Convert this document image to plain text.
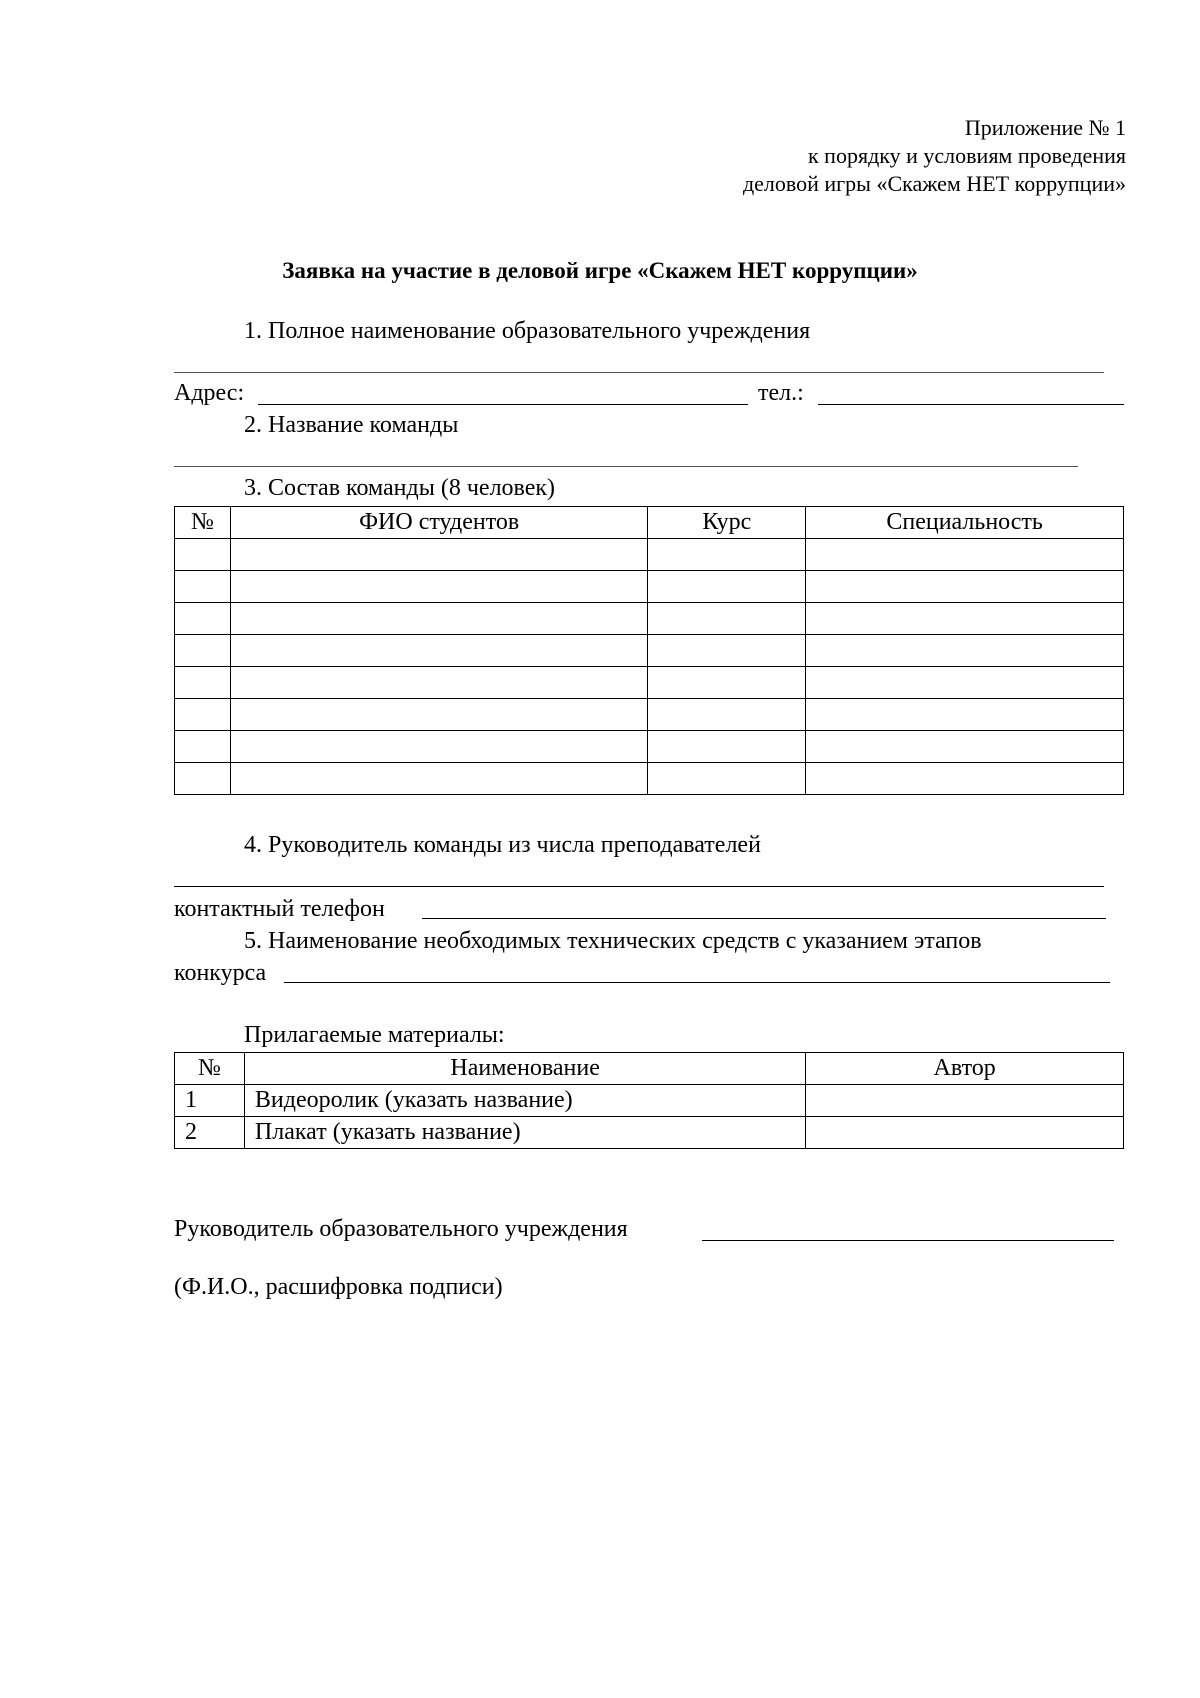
Приложение № 1
к порядку и условиям проведения
деловой игры «Скажем НЕТ коррупции»
Заявка на участие в деловой игре «Скажем НЕТ коррупции»
1. Полное наименование образовательного учреждения
Адрес:	тел.:
2. Название команды
3. Состав команды (8 человек)
№	ФИО студентов	Курс	Специальность

4. Руководитель команды из числа преподавателей
контактный телефон
5. Наименование необходимых технических средств с указанием этапов
конкурса
Прилагаемые материалы:
№	Наименование	Автор
1	Видеоролик (указать название)	
2	Плакат (указать название)	
Руководитель образовательного учреждения
(Ф.И.О., расшифровка подписи)
